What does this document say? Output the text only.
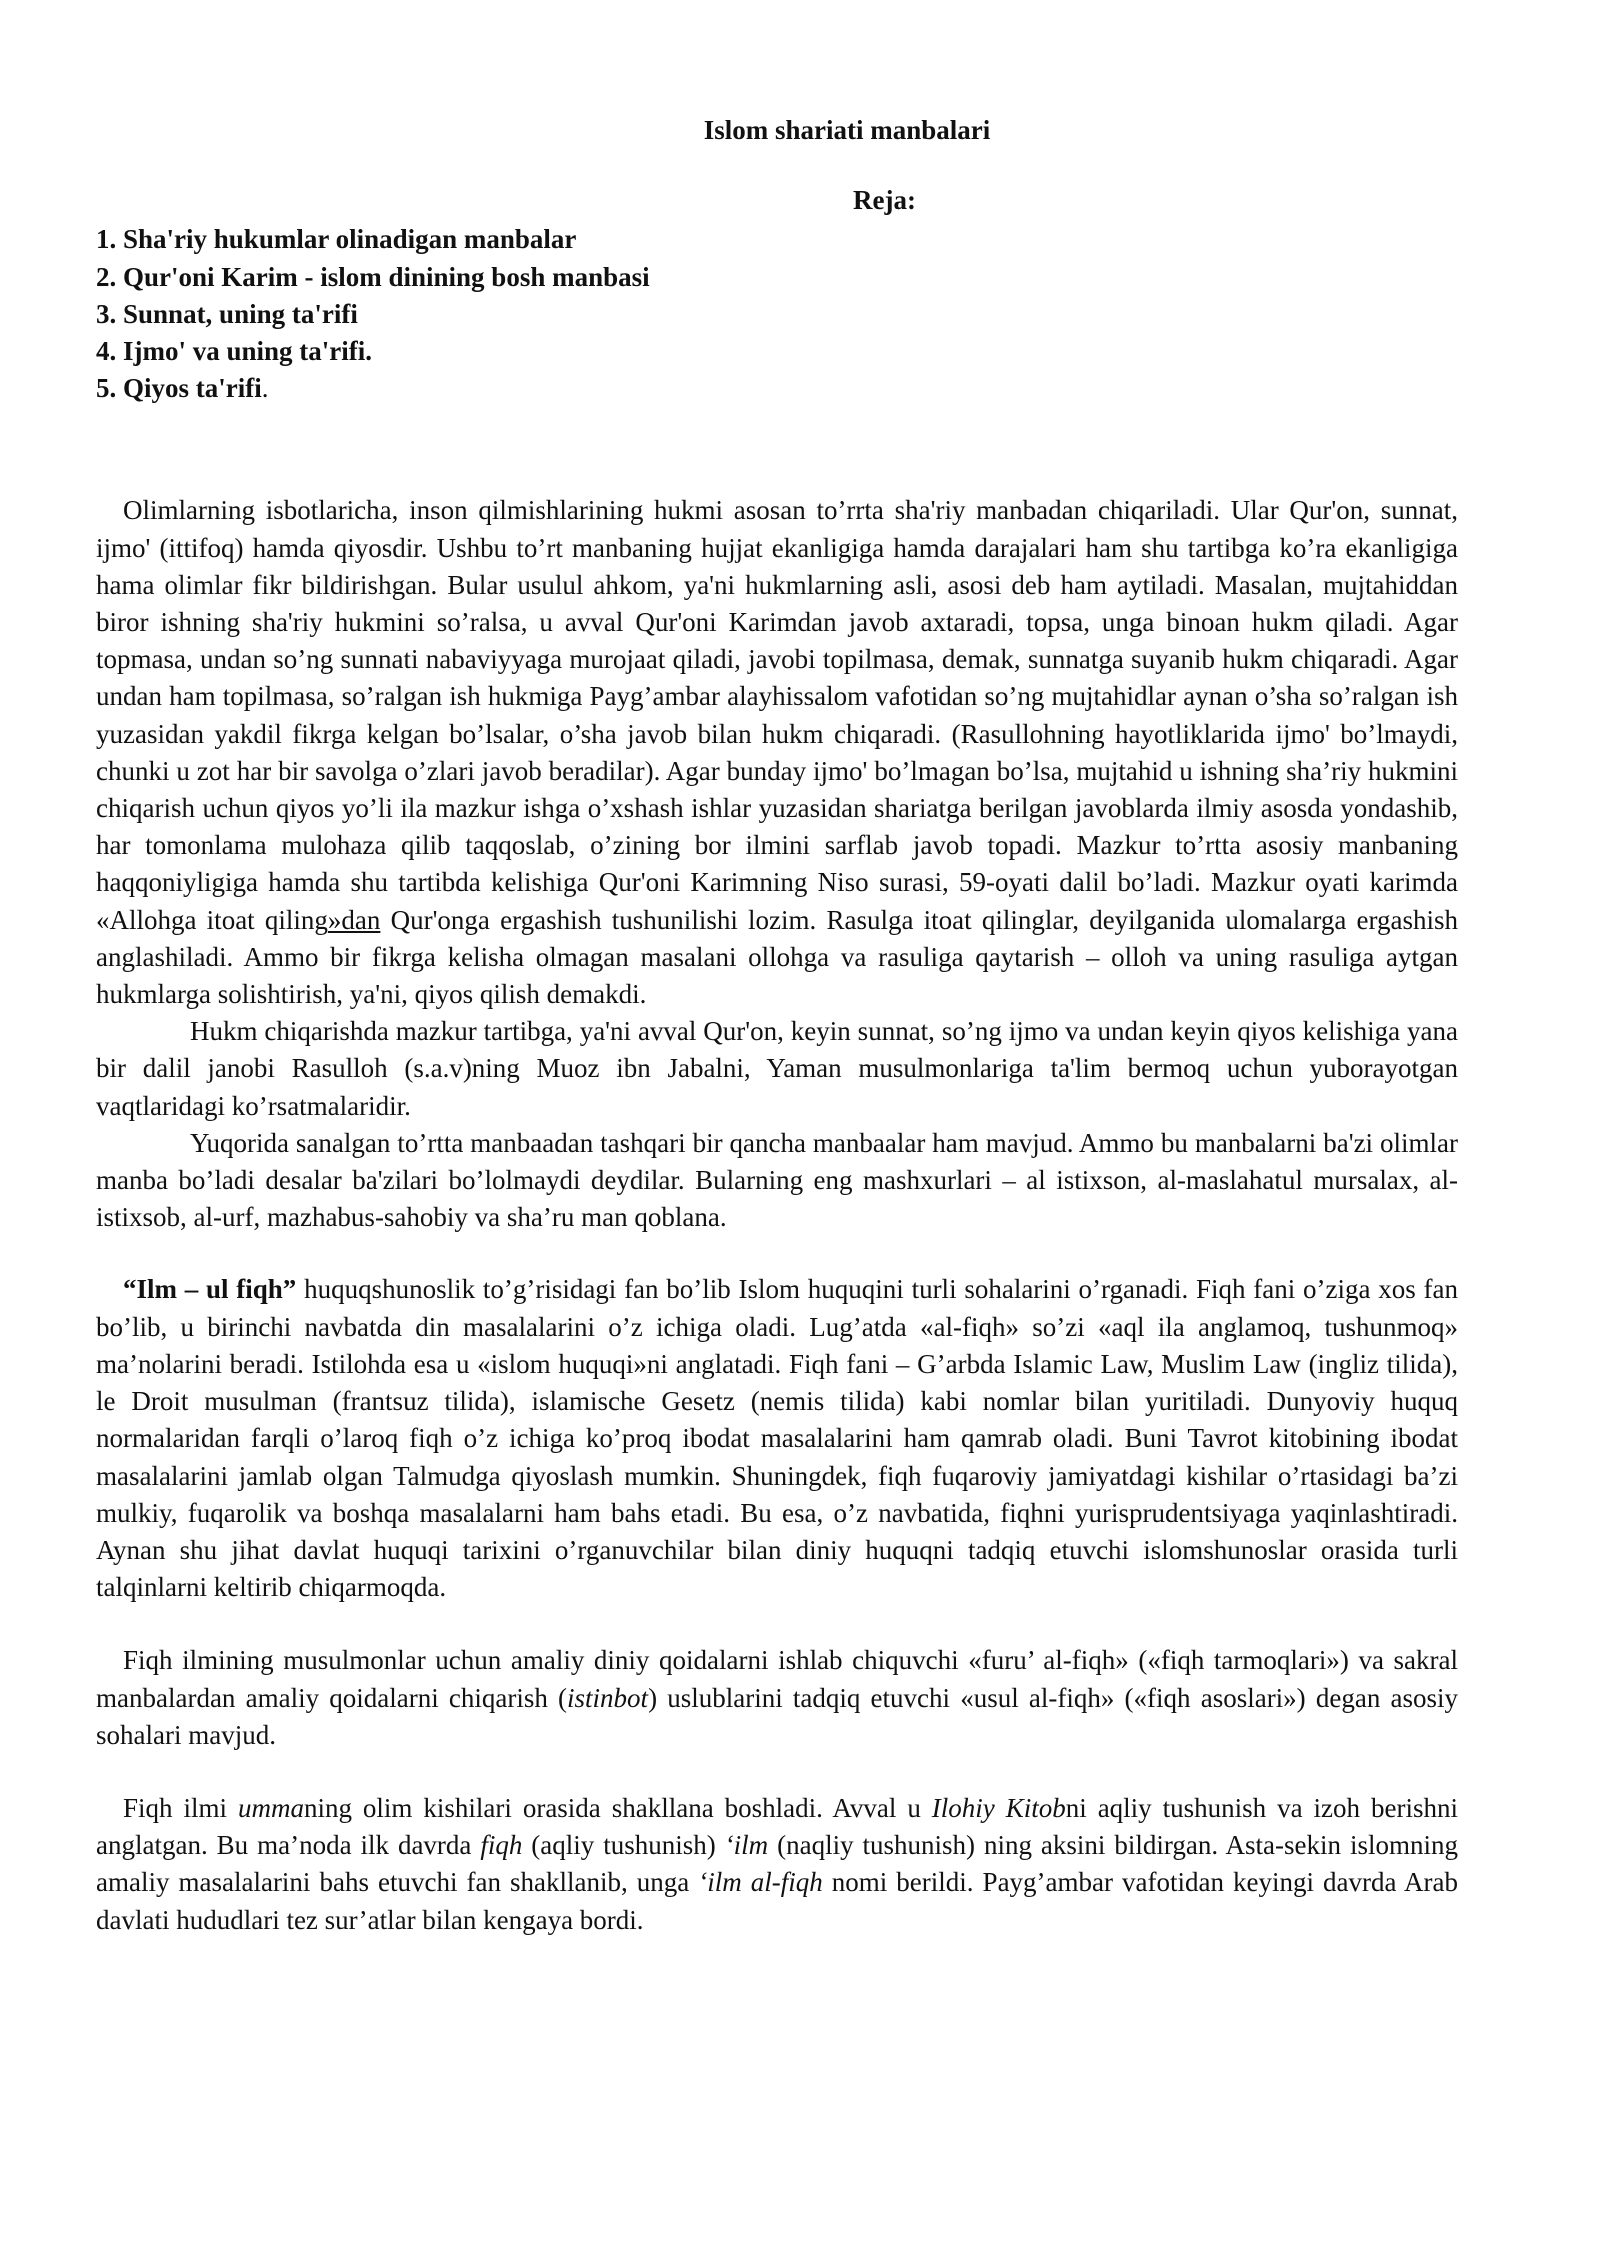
Islom shariati manbalari
Reja:
1. Sha'riy hukumlar olinadigan manbalar
2. Qur'oni Karim - islom dinining bosh manbasi
3. Sunnat, uning ta'rifi
4. Ijmo' va uning ta'rifi.
5. Qiyos ta'rifi.

Olimlarning isbotlaricha, inson qilmishlarining hukmi asosan to’rrta sha'riy manbadan chiqariladi. Ular Qur'on, sunnat, ijmo' (ittifoq) hamda qiyosdir. Ushbu to’rt manbaning hujjat ekanligiga hamda darajalari ham shu tartibga ko’ra ekanligiga hama olimlar fikr bildirishgan. Bular usulul ahkom, ya'ni hukmlarning asli, asosi deb ham aytiladi. Masalan, mujtahiddan biror ishning sha'riy hukmini so’ralsa, u avval Qur'oni Karimdan javob axtaradi, topsa, unga binoan hukm qiladi. Agar topmasa, undan so’ng sunnati nabaviyyaga murojaat qiladi, javobi topilmasa, demak, sunnatga suyanib hukm chiqaradi. Agar undan ham topilmasa, so’ralgan ish hukmiga Payg’ambar alayhissalom vafotidan so’ng mujtahidlar aynan o’sha so’ralgan ish yuzasidan yakdil fikrga kelgan bo’lsalar, o’sha javob bilan hukm chiqaradi. (Rasullohning hayotliklarida ijmo' bo’lmaydi, chunki u zot har bir savolga o’zlari javob beradilar). Agar bunday ijmo' bo’lmagan bo’lsa, mujtahid u ishning sha’riy hukmini chiqarish uchun qiyos yo’li ila mazkur ishga o’xshash ishlar yuzasidan shariatga berilgan javoblarda ilmiy asosda yondashib, har tomonlama mulohaza qilib taqqoslab, o’zining bor ilmini sarflab javob topadi. Mazkur to’rtta asosiy manbaning haqqoniyligiga hamda shu tartibda kelishiga Qur'oni Karimning Niso surasi, 59-oyati dalil bo’ladi. Mazkur oyati karimda «Allohga itoat qiling»dan Qur'onga ergashish tushunilishi lozim. Rasulga itoat qilinglar, deyilganida ulomalarga ergashish anglashiladi. Ammo bir fikrga kelisha olmagan masalani ollohga va rasuliga qaytarish – olloh va uning rasuliga aytgan hukmlarga solishtirish, ya'ni, qiyos qilish demakdi.

Hukm chiqarishda mazkur tartibga, ya'ni avval Qur'on, keyin sunnat, so’ng ijmo va undan keyin qiyos kelishiga yana bir dalil janobi Rasulloh (s.a.v)ning Muoz ibn Jabalni, Yaman musulmonlariga ta'lim bermoq uchun yuborayotgan vaqtlaridagi ko’rsatmalaridir.

Yuqorida sanalgan to’rtta manbaadan tashqari bir qancha manbaalar ham mavjud. Ammo bu manbalarni ba'zi olimlar manba bo’ladi desalar ba'zilari bo’lolmaydi deydilar. Bularning eng mashxurlari – al istixson, al-maslahatul mursalax, al-istixsob, al-urf, mazhabus-sahobiy va sha’ru man qoblana.

“Ilm – ul fiqh” huquqshunoslik to’g’risidagi fan bo’lib Islom huquqini turli sohalarini o’rganadi. Fiqh fani o’ziga xos fan bo’lib, u birinchi navbatda din masalalarini o’z ichiga oladi. Lug’atda «al-fiqh» so’zi «aql ila anglamoq, tushunmoq» ma’nolarini beradi. Istilohda esa u «islom huquqi»ni anglatadi. Fiqh fani – G’arbda Islamic Law, Muslim Law (ingliz tilida), le Droit musulman (frantsuz tilida), islamische Gesetz (nemis tilida) kabi nomlar bilan yuritiladi. Dunyoviy huquq normalaridan farqli o’laroq fiqh o’z ichiga ko’proq ibodat masalalarini ham qamrab oladi. Buni Tavrot kitobining ibodat masalalarini jamlab olgan Talmudga qiyoslash mumkin. Shuningdek, fiqh fuqaroviy jamiyatdagi kishilar o’rtasidagi ba’zi mulkiy, fuqarolik va boshqa masalalarni ham bahs etadi. Bu esa, o’z navbatida, fiqhni yurisprudentsiyaga yaqinlashtiradi. Aynan shu jihat davlat huquqi tarixini o’rganuvchilar bilan diniy huquqni tadqiq etuvchi islomshunoslar orasida turli talqinlarni keltirib chiqarmoqda.

Fiqh ilmining musulmonlar uchun amaliy diniy qoidalarni ishlab chiquvchi «furu’ al-fiqh» («fiqh tarmoqlari») va sakral manbalardan amaliy qoidalarni chiqarish (istinbot) uslublarini tadqiq etuvchi «usul al-fiqh» («fiqh asoslari») degan asosiy sohalari mavjud.

Fiqh ilmi ummaning olim kishilari orasida shakllana boshladi. Avval u Ilohiy Kitobni aqliy tushunish va izoh berishni anglatgan. Bu ma’noda ilk davrda fiqh (aqliy tushunish) ‘ilm (naqliy tushunish) ning aksini bildirgan. Asta-sekin islomning amaliy masalalarini bahs etuvchi fan shakllanib, unga ‘ilm al-fiqh nomi berildi. Payg’ambar vafotidan keyingi davrda Arab davlati hududlari tez sur’atlar bilan kengaya bordi.
